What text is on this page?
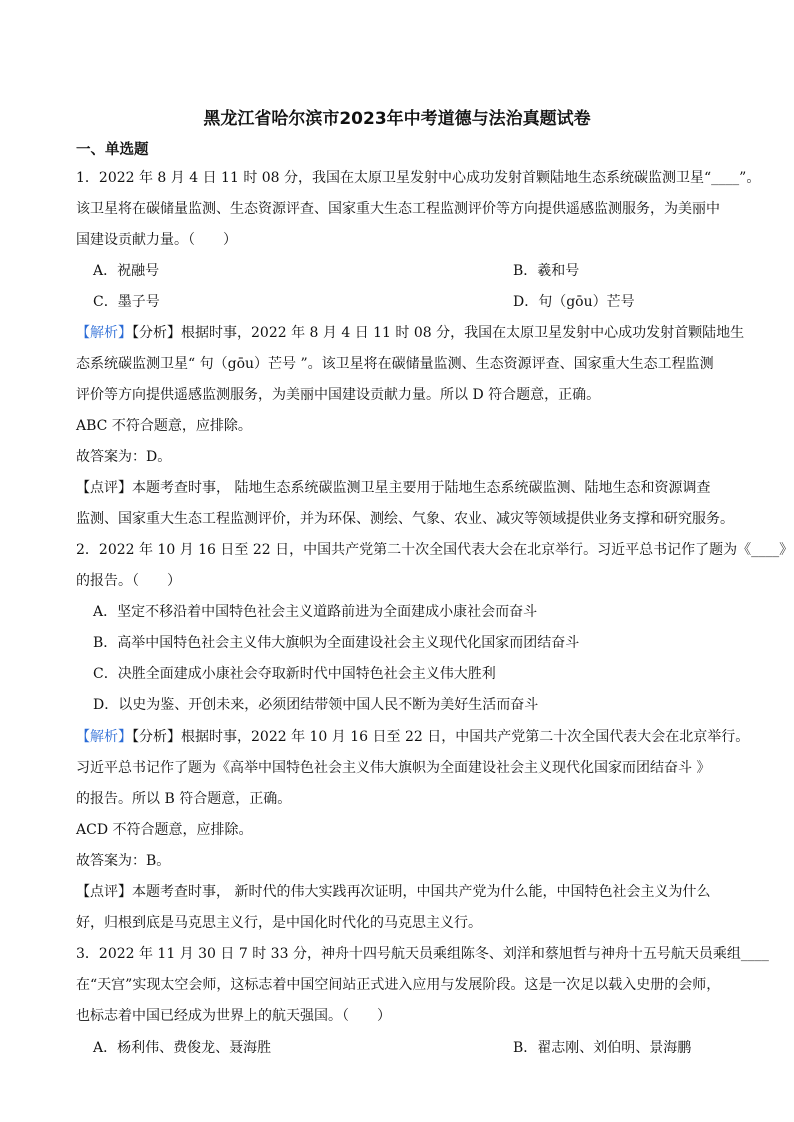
黑龙江省哈尔滨市2023年中考道德与法治真题试卷
一、单选题
1．2022 年 8 月 4 日 11 时 08 分，我国在太原卫星发射中心成功发射首颗陆地生态系统碳监测卫星“____”。
该卫星将在碳储量监测、生态资源评查、国家重大生态工程监测评价等方向提供遥感监测服务，为美丽中
国建设贡献力量。（　　）
A．祝融号	B．羲和号
C．墨子号	D．句（gōu）芒号
【解析】【分析】根据时事，2022 年 8 月 4 日 11 时 08 分，我国在太原卫星发射中心成功发射首颗陆地生
态系统碳监测卫星“ 句（gōu）芒号 ”。该卫星将在碳储量监测、生态资源评查、国家重大生态工程监测
评价等方向提供遥感监测服务，为美丽中国建设贡献力量。所以 D 符合题意，正确。
ABC 不符合题意，应排除。
故答案为：D。
【点评】本题考查时事， 陆地生态系统碳监测卫星主要用于陆地生态系统碳监测、陆地生态和资源调查
监测、国家重大生态工程监测评价，并为环保、测绘、气象、农业、减灾等领域提供业务支撑和研究服务。
2．2022 年 10 月 16 日至 22 日，中国共产党第二十次全国代表大会在北京举行。习近平总书记作了题为《____》
的报告。（　　）
A．坚定不移沿着中国特色社会主义道路前进为全面建成小康社会而奋斗
B．高举中国特色社会主义伟大旗帜为全面建设社会主义现代化国家而团结奋斗
C．决胜全面建成小康社会夺取新时代中国特色社会主义伟大胜利
D．以史为鉴、开创未来，必须团结带领中国人民不断为美好生活而奋斗
【解析】【分析】根据时事，2022 年 10 月 16 日至 22 日，中国共产党第二十次全国代表大会在北京举行。
习近平总书记作了题为《高举中国特色社会主义伟大旗帜为全面建设社会主义现代化国家而团结奋斗 》
的报告。所以 B 符合题意，正确。
ACD 不符合题意，应排除。
故答案为：B。
【点评】本题考查时事， 新时代的伟大实践再次证明，中国共产党为什么能，中国特色社会主义为什么
好，归根到底是马克思主义行，是中国化时代化的马克思主义行。
3．2022 年 11 月 30 日 7 时 33 分，神舟十四号航天员乘组陈冬、刘洋和蔡旭哲与神舟十五号航天员乘组____
在“天宫”实现太空会师，这标志着中国空间站正式进入应用与发展阶段。这是一次足以载入史册的会师，
也标志着中国已经成为世界上的航天强国。（　　）
A．杨利伟、费俊龙、聂海胜	B．翟志刚、刘伯明、景海鹏
